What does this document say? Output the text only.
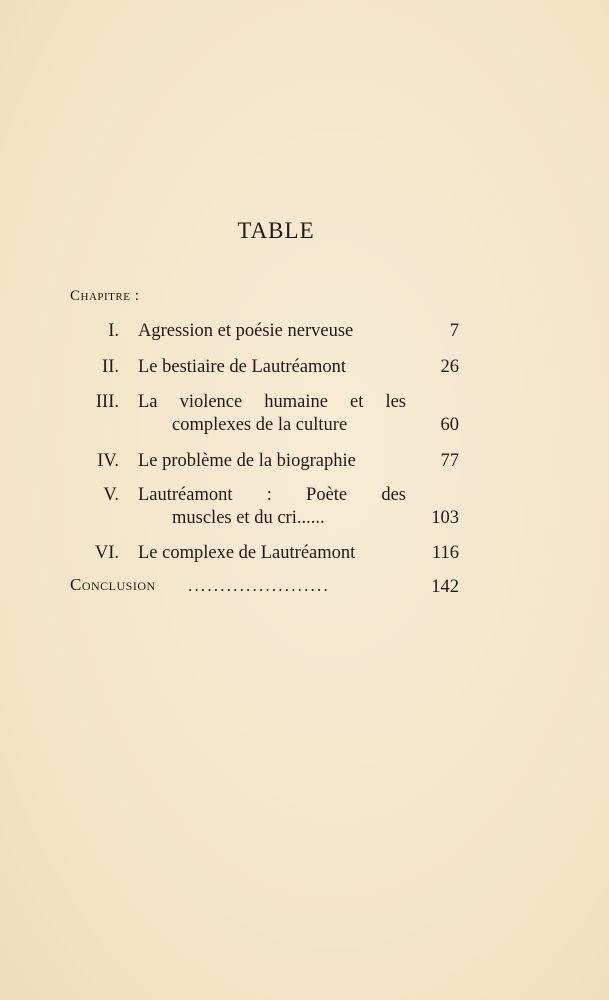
TABLE
Chapitre :
I. Agression et poésie nerveuse	7
II. Le bestiaire de Lautréamont	26
III. La violence humaine et les
complexes de la culture	60
IV. Le problème de la biographie	77
V. Lautréamont : Poète des
muscles et du cri......	103
VI. Le complexe de Lautréamont	116
Conclusion ......................	142
